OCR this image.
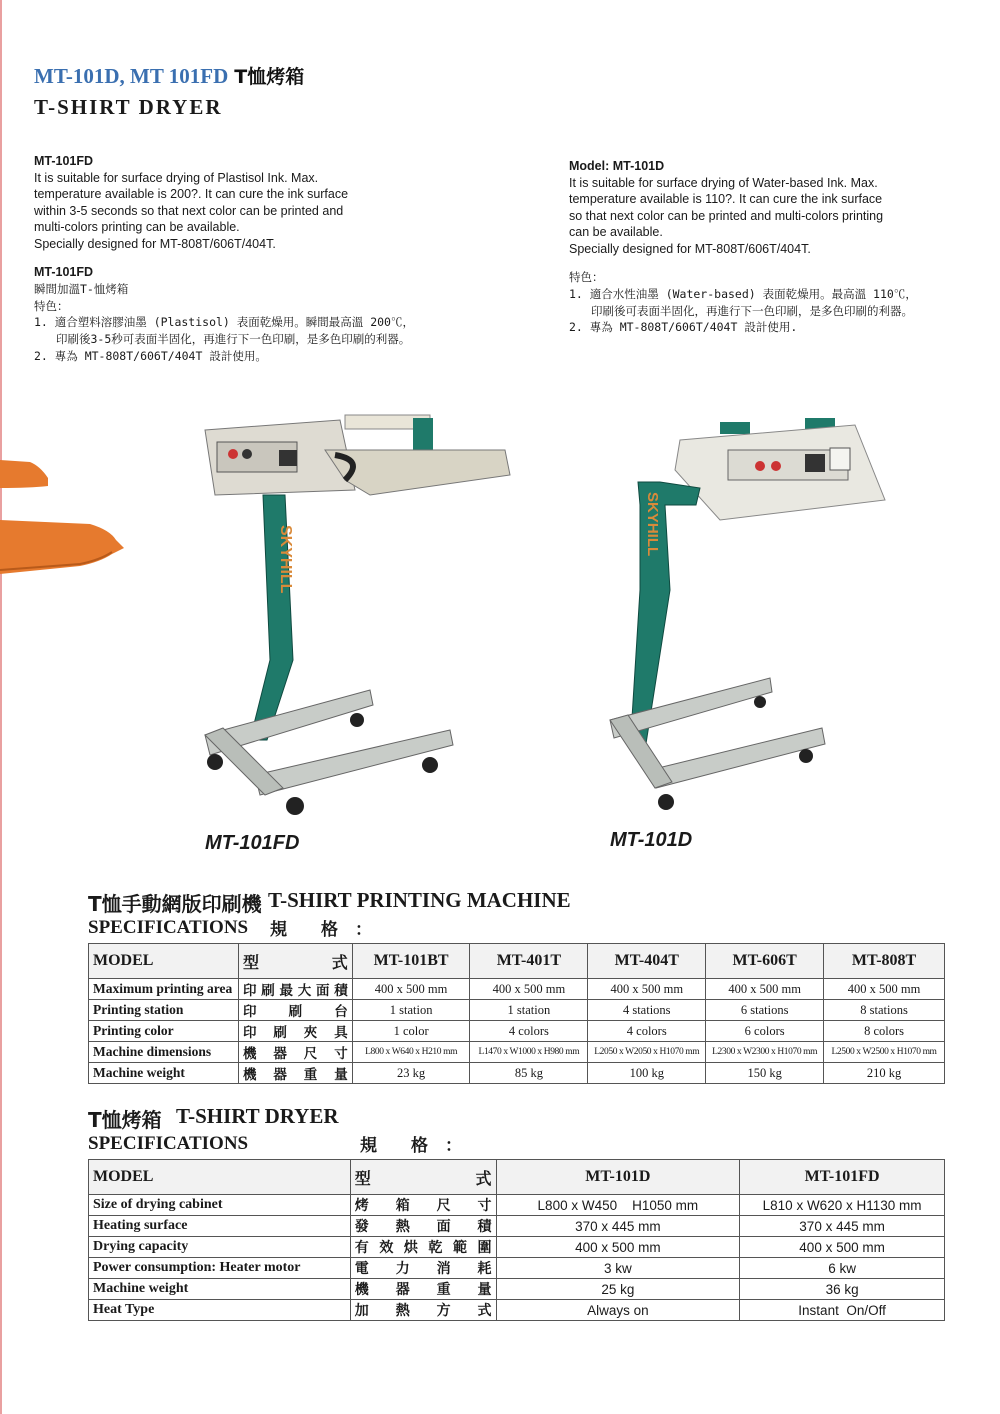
MT-101D, MT 101FD T恤烤箱
T-SHIRT DRYER

MT-101FD

It is suitable for surface drying of Plastisol Ink. Max.

temperature available is 200?. It can cure the ink surface

within 3-5 seconds so that next color can be printed and

multi-colors printing can be available.

Specially designed for MT-808T/606T/404T.

MT-101FD

瞬間加溫T-恤烤箱

特色：

1. 適合塑料溶膠油墨 (Plastisol) 表面乾燥用。瞬間最高溫 200℃，

印刷後3-5秒可表面半固化，再進行下一色印刷，是多色印刷的利器。

2. 專為 MT-808T/606T/404T 設計使用。

Model: MT-101D

It is suitable for surface drying of Water-based Ink. Max.

temperature available is 110?. It can cure the ink surface

so that next color can be printed and multi-colors printing

can be available.

Specially designed for MT-808T/606T/404T.

特色：

1. 適合水性油墨 (Water-based) 表面乾燥用。最高溫 110℃，

印刷後可表面半固化，再進行下一色印刷，是多色印刷的利器。

2. 專為 MT-808T/606T/404T 設計使用.

SKYHILL
MT-101FD
SKYHILL
MT-101D
T恤手動網版印刷機 T-SHIRT PRINTING MACHINE
SPECIFICATIONS 規　　格　：
MODEL	型式	MT-101BT	MT-401T	MT-404T	MT-606T	MT-808T
Maximum printing area	印刷最大面積	400 x 500 mm	400 x 500 mm	400 x 500 mm	400 x 500 mm	400 x 500 mm
Printing station	印刷台	1 station	1 station	4 stations	6 stations	8 stations
Printing color	印刷夾具	1 color	4 colors	4 colors	6 colors	8 colors
Machine dimensions	機器尺寸	L800 x W640 x H210 mm	L1470 x W1000 x H980 mm	L2050 x W2050 x H1070 mm	L2300 x W2300 x H1070 mm	L2500 x W2500 x H1070 mm
Machine weight	機器重量	23 kg	85 kg	100 kg	150 kg	210 kg
T恤烤箱 T-SHIRT DRYER
SPECIFICATIONS	規　　格　：
MODEL	型式	MT-101D	MT-101FD
Size of drying cabinet	烤箱尺寸	L800 x W450    H1050 mm	L810 x W620 x H1130 mm
Heating surface	發熱面積	370 x 445 mm	370 x 445 mm
Drying capacity	有效烘乾範圍	400 x 500 mm	400 x 500 mm
Power consumption: Heater motor	電力消耗	3 kw	6 kw
Machine weight	機器重量	25 kg	36 kg
Heat Type	加熱方式	Always on	Instant  On/Off
